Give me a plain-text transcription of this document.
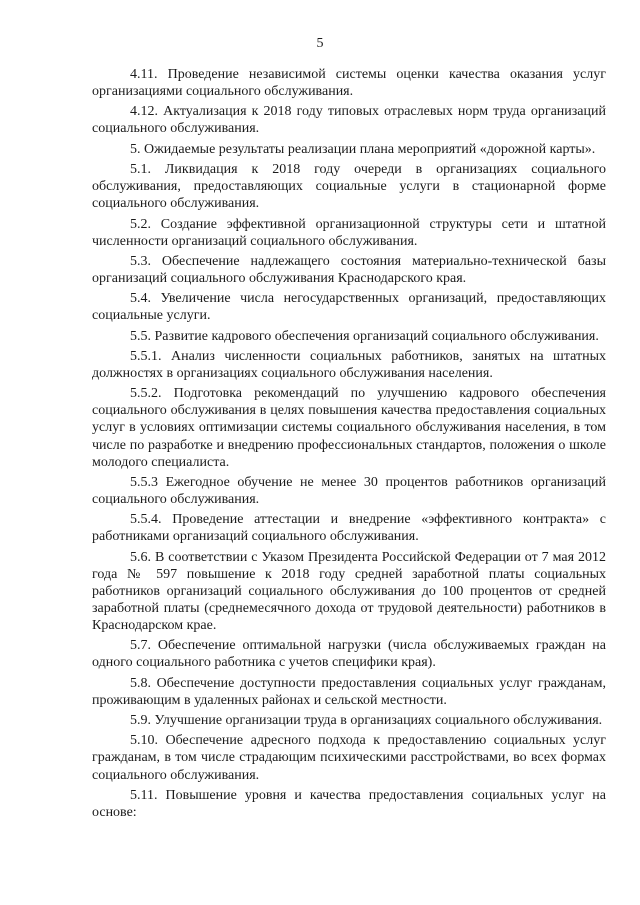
5

4.11. Проведение независимой системы оценки качества оказания услуг организациями социального обслуживания.

4.12. Актуализация к 2018 году типовых отраслевых норм труда организаций социального обслуживания.

5. Ожидаемые результаты реализации плана мероприятий «дорожной карты».

5.1. Ликвидация к 2018 году очереди в организациях социального обслуживания, предоставляющих социальные услуги в стационарной форме социального обслуживания.

5.2. Создание эффективной организационной структуры сети и штатной численности организаций социального обслуживания.

5.3. Обеспечение надлежащего состояния материально-технической базы организаций социального обслуживания Краснодарского края.

5.4. Увеличение числа негосударственных организаций, предоставляющих социальные услуги.

5.5. Развитие кадрового обеспечения организаций социального обслуживания.

5.5.1. Анализ численности социальных работников, занятых на штатных должностях в организациях социального обслуживания населения.

5.5.2. Подготовка рекомендаций по улучшению кадрового обеспечения социального обслуживания в целях повышения качества предоставления социальных услуг в условиях оптимизации системы социального обслуживания населения, в том числе по разработке и внедрению профессиональных стандартов, положения о школе молодого специалиста.

5.5.3 Ежегодное обучение не менее 30 процентов работников организаций социального обслуживания.

5.5.4. Проведение аттестации и внедрение «эффективного контракта» с работниками организаций социального обслуживания.

5.6. В соответствии с Указом Президента Российской Федерации от 7 мая 2012 года № 597 повышение к 2018 году средней заработной платы социальных работников организаций социального обслуживания до 100 процентов от средней заработной платы (среднемесячного дохода от трудовой деятельности) работников в Краснодарском крае.

5.7. Обеспечение оптимальной нагрузки (числа обслуживаемых граждан на одного социального работника с учетов специфики края).

5.8. Обеспечение доступности предоставления социальных услуг гражданам, проживающим в удаленных районах и сельской местности.

5.9. Улучшение организации труда в организациях социального обслуживания.

5.10. Обеспечение адресного подхода к предоставлению социальных услуг гражданам, в том числе страдающим психическими расстройствами, во всех формах социального обслуживания.

5.11. Повышение уровня и качества предоставления социальных услуг на основе:
